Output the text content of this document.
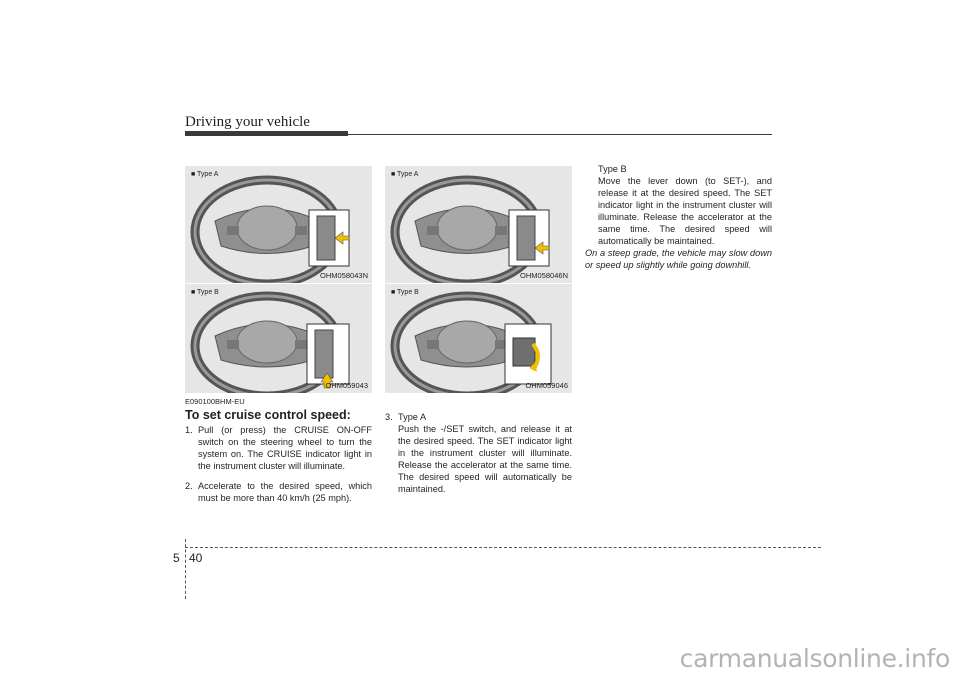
Driving your vehicle
■ Type A
OHM058043N
■ Type B
OHM059043
■ Type A
OHM058046N
■ Type B
OHM059046
E090100BHM-EU
To set cruise control speed:
1. Pull (or press) the CRUISE ON-OFF switch on the steering wheel to turn the system on. The CRUISE indicator light in the instrument cluster will illuminate.
2. Accelerate to the desired speed, which must be more than 40 km/h (25 mph).
3. Type A
Push the -/SET switch, and release it at the desired speed. The SET indicator light in the instrument cluster will illuminate. Release the accelerator at the same time. The desired speed will automatically be maintained.
Type B
Move the lever down (to SET-), and release it at the desired speed. The SET indicator light in the instrument cluster will illuminate. Release the accelerator at the same time. The desired speed will automatically be maintained.
On a steep grade, the vehicle may slow down or speed up slightly while going downhill.
5 40
carmanualsonline.info
